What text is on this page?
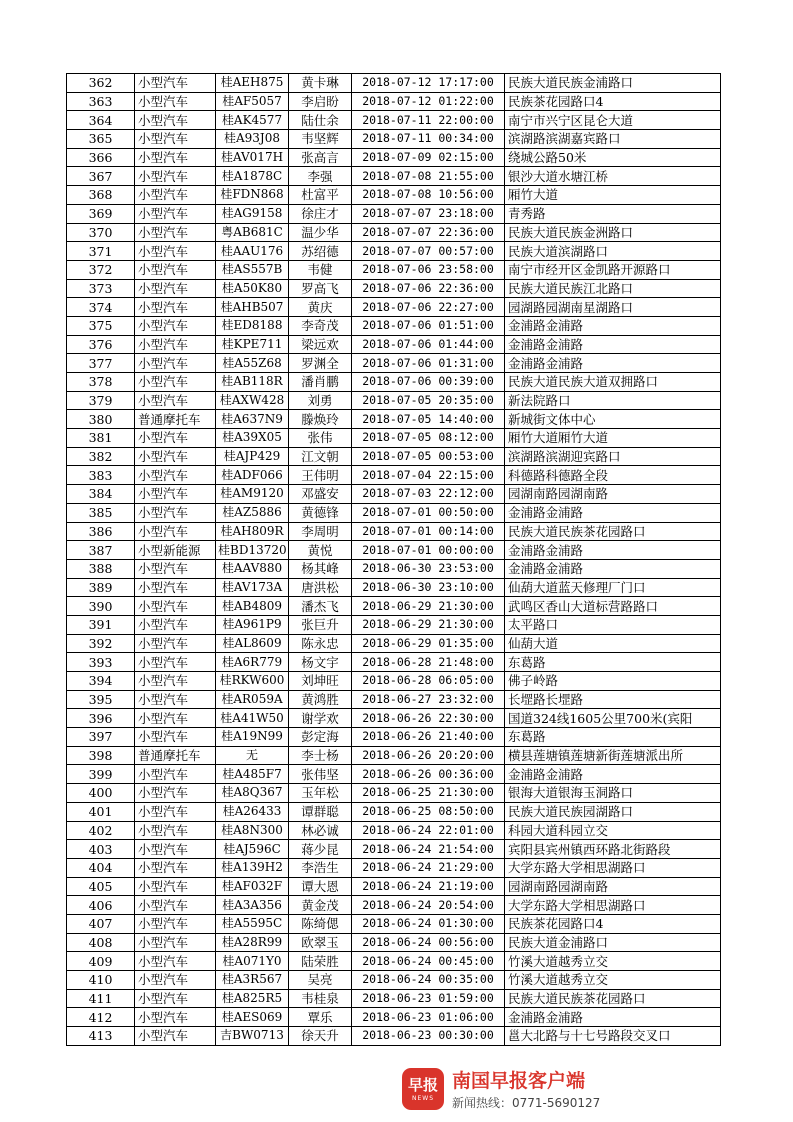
362	小型汽车	桂AEH875	黄卡琳	2018-07-12 17:17:00	民族大道民族金浦路口
363	小型汽车	桂AF5057	李启盼	2018-07-12 01:22:00	民族茶花园路口4
364	小型汽车	桂AK4577	陆仕余	2018-07-11 22:00:00	南宁市兴宁区昆仑大道
365	小型汽车	桂A93J08	韦坚辉	2018-07-11 00:34:00	滨湖路滨湖嘉宾路口
366	小型汽车	桂AV017H	张高言	2018-07-09 02:15:00	绕城公路50米
367	小型汽车	桂A1878C	李强	2018-07-08 21:55:00	银沙大道水塘江桥
368	小型汽车	桂FDN868	杜富平	2018-07-08 10:56:00	厢竹大道
369	小型汽车	桂AG9158	徐庄才	2018-07-07 23:18:00	青秀路
370	小型汽车	粤AB681C	温少华	2018-07-07 22:36:00	民族大道民族金洲路口
371	小型汽车	桂AAU176	苏绍德	2018-07-07 00:57:00	民族大道滨湖路口
372	小型汽车	桂AS557B	韦健	2018-07-06 23:58:00	南宁市经开区金凯路开源路口
373	小型汽车	桂A50K80	罗高飞	2018-07-06 22:36:00	民族大道民族江北路口
374	小型汽车	桂AHB507	黄庆	2018-07-06 22:27:00	园湖路园湖南星湖路口
375	小型汽车	桂ED8188	李奇茂	2018-07-06 01:51:00	金浦路金浦路
376	小型汽车	桂KPE711	梁远欢	2018-07-06 01:44:00	金浦路金浦路
377	小型汽车	桂A55Z68	罗渊全	2018-07-06 01:31:00	金浦路金浦路
378	小型汽车	桂AB118R	潘肖鹏	2018-07-06 00:39:00	民族大道民族大道双拥路口
379	小型汽车	桂AXW428	刘勇	2018-07-05 20:35:00	新法院路口
380	普通摩托车	桂A637N9	滕焕玲	2018-07-05 14:40:00	新城街文体中心
381	小型汽车	桂A39X05	张伟	2018-07-05 08:12:00	厢竹大道厢竹大道
382	小型汽车	桂AJP429	江文朝	2018-07-05 00:53:00	滨湖路滨湖迎宾路口
383	小型汽车	桂ADF066	王伟明	2018-07-04 22:15:00	科德路科德路全段
384	小型汽车	桂AM9120	邓盛安	2018-07-03 22:12:00	园湖南路园湖南路
385	小型汽车	桂AZ5886	黄德锋	2018-07-01 00:50:00	金浦路金浦路
386	小型汽车	桂AH809R	李周明	2018-07-01 00:14:00	民族大道民族茶花园路口
387	小型新能源	桂BD13720	黄悦	2018-07-01 00:00:00	金浦路金浦路
388	小型汽车	桂AAV880	杨其峰	2018-06-30 23:53:00	金浦路金浦路
389	小型汽车	桂AV173A	唐洪松	2018-06-30 23:10:00	仙葫大道蓝天修理厂门口
390	小型汽车	桂AB4809	潘杰飞	2018-06-29 21:30:00	武鸣区香山大道标营路路口
391	小型汽车	桂A961P9	张巨升	2018-06-29 21:30:00	太平路口
392	小型汽车	桂AL8609	陈永忠	2018-06-29 01:35:00	仙葫大道
393	小型汽车	桂A6R779	杨文宇	2018-06-28 21:48:00	东葛路
394	小型汽车	桂RKW600	刘坤旺	2018-06-28 06:05:00	佛子岭路
395	小型汽车	桂AR059A	黄鸿胜	2018-06-27 23:32:00	长堽路长堽路
396	小型汽车	桂A41W50	谢学欢	2018-06-26 22:30:00	国道324线1605公里700米(宾阳
397	小型汽车	桂A19N99	彭定海	2018-06-26 21:40:00	东葛路
398	普通摩托车	无	李士杨	2018-06-26 20:20:00	横县莲塘镇莲塘新街莲塘派出所
399	小型汽车	桂A485F7	张伟坚	2018-06-26 00:36:00	金浦路金浦路
400	小型汽车	桂A8Q367	玉年松	2018-06-25 21:30:00	银海大道银海玉洞路口
401	小型汽车	桂A26433	谭群聪	2018-06-25 08:50:00	民族大道民族园湖路口
402	小型汽车	桂A8N300	林必诚	2018-06-24 22:01:00	科园大道科园立交
403	小型汽车	桂AJ596C	蒋少昆	2018-06-24 21:54:00	宾阳县宾州镇西环路北街路段
404	小型汽车	桂A139H2	李浩生	2018-06-24 21:29:00	大学东路大学相思湖路口
405	小型汽车	桂AF032F	谭大恩	2018-06-24 21:19:00	园湖南路园湖南路
406	小型汽车	桂A3A356	黄金茂	2018-06-24 20:54:00	大学东路大学相思湖路口
407	小型汽车	桂A5595C	陈绮偲	2018-06-24 01:30:00	民族茶花园路口4
408	小型汽车	桂A28R99	欧翠玉	2018-06-24 00:56:00	民族大道金浦路口
409	小型汽车	桂A071Y0	陆荣胜	2018-06-24 00:45:00	竹溪大道越秀立交
410	小型汽车	桂A3R567	吴亮	2018-06-24 00:35:00	竹溪大道越秀立交
411	小型汽车	桂A825R5	韦桂泉	2018-06-23 01:59:00	民族大道民族茶花园路口
412	小型汽车	桂AES069	覃乐	2018-06-23 01:06:00	金浦路金浦路
413	小型汽车	吉BW0713	徐天升	2018-06-23 00:30:00	邕大北路与十七号路段交叉口
早报
NEWS
南国早报客户端
新闻热线：0771-5690127
